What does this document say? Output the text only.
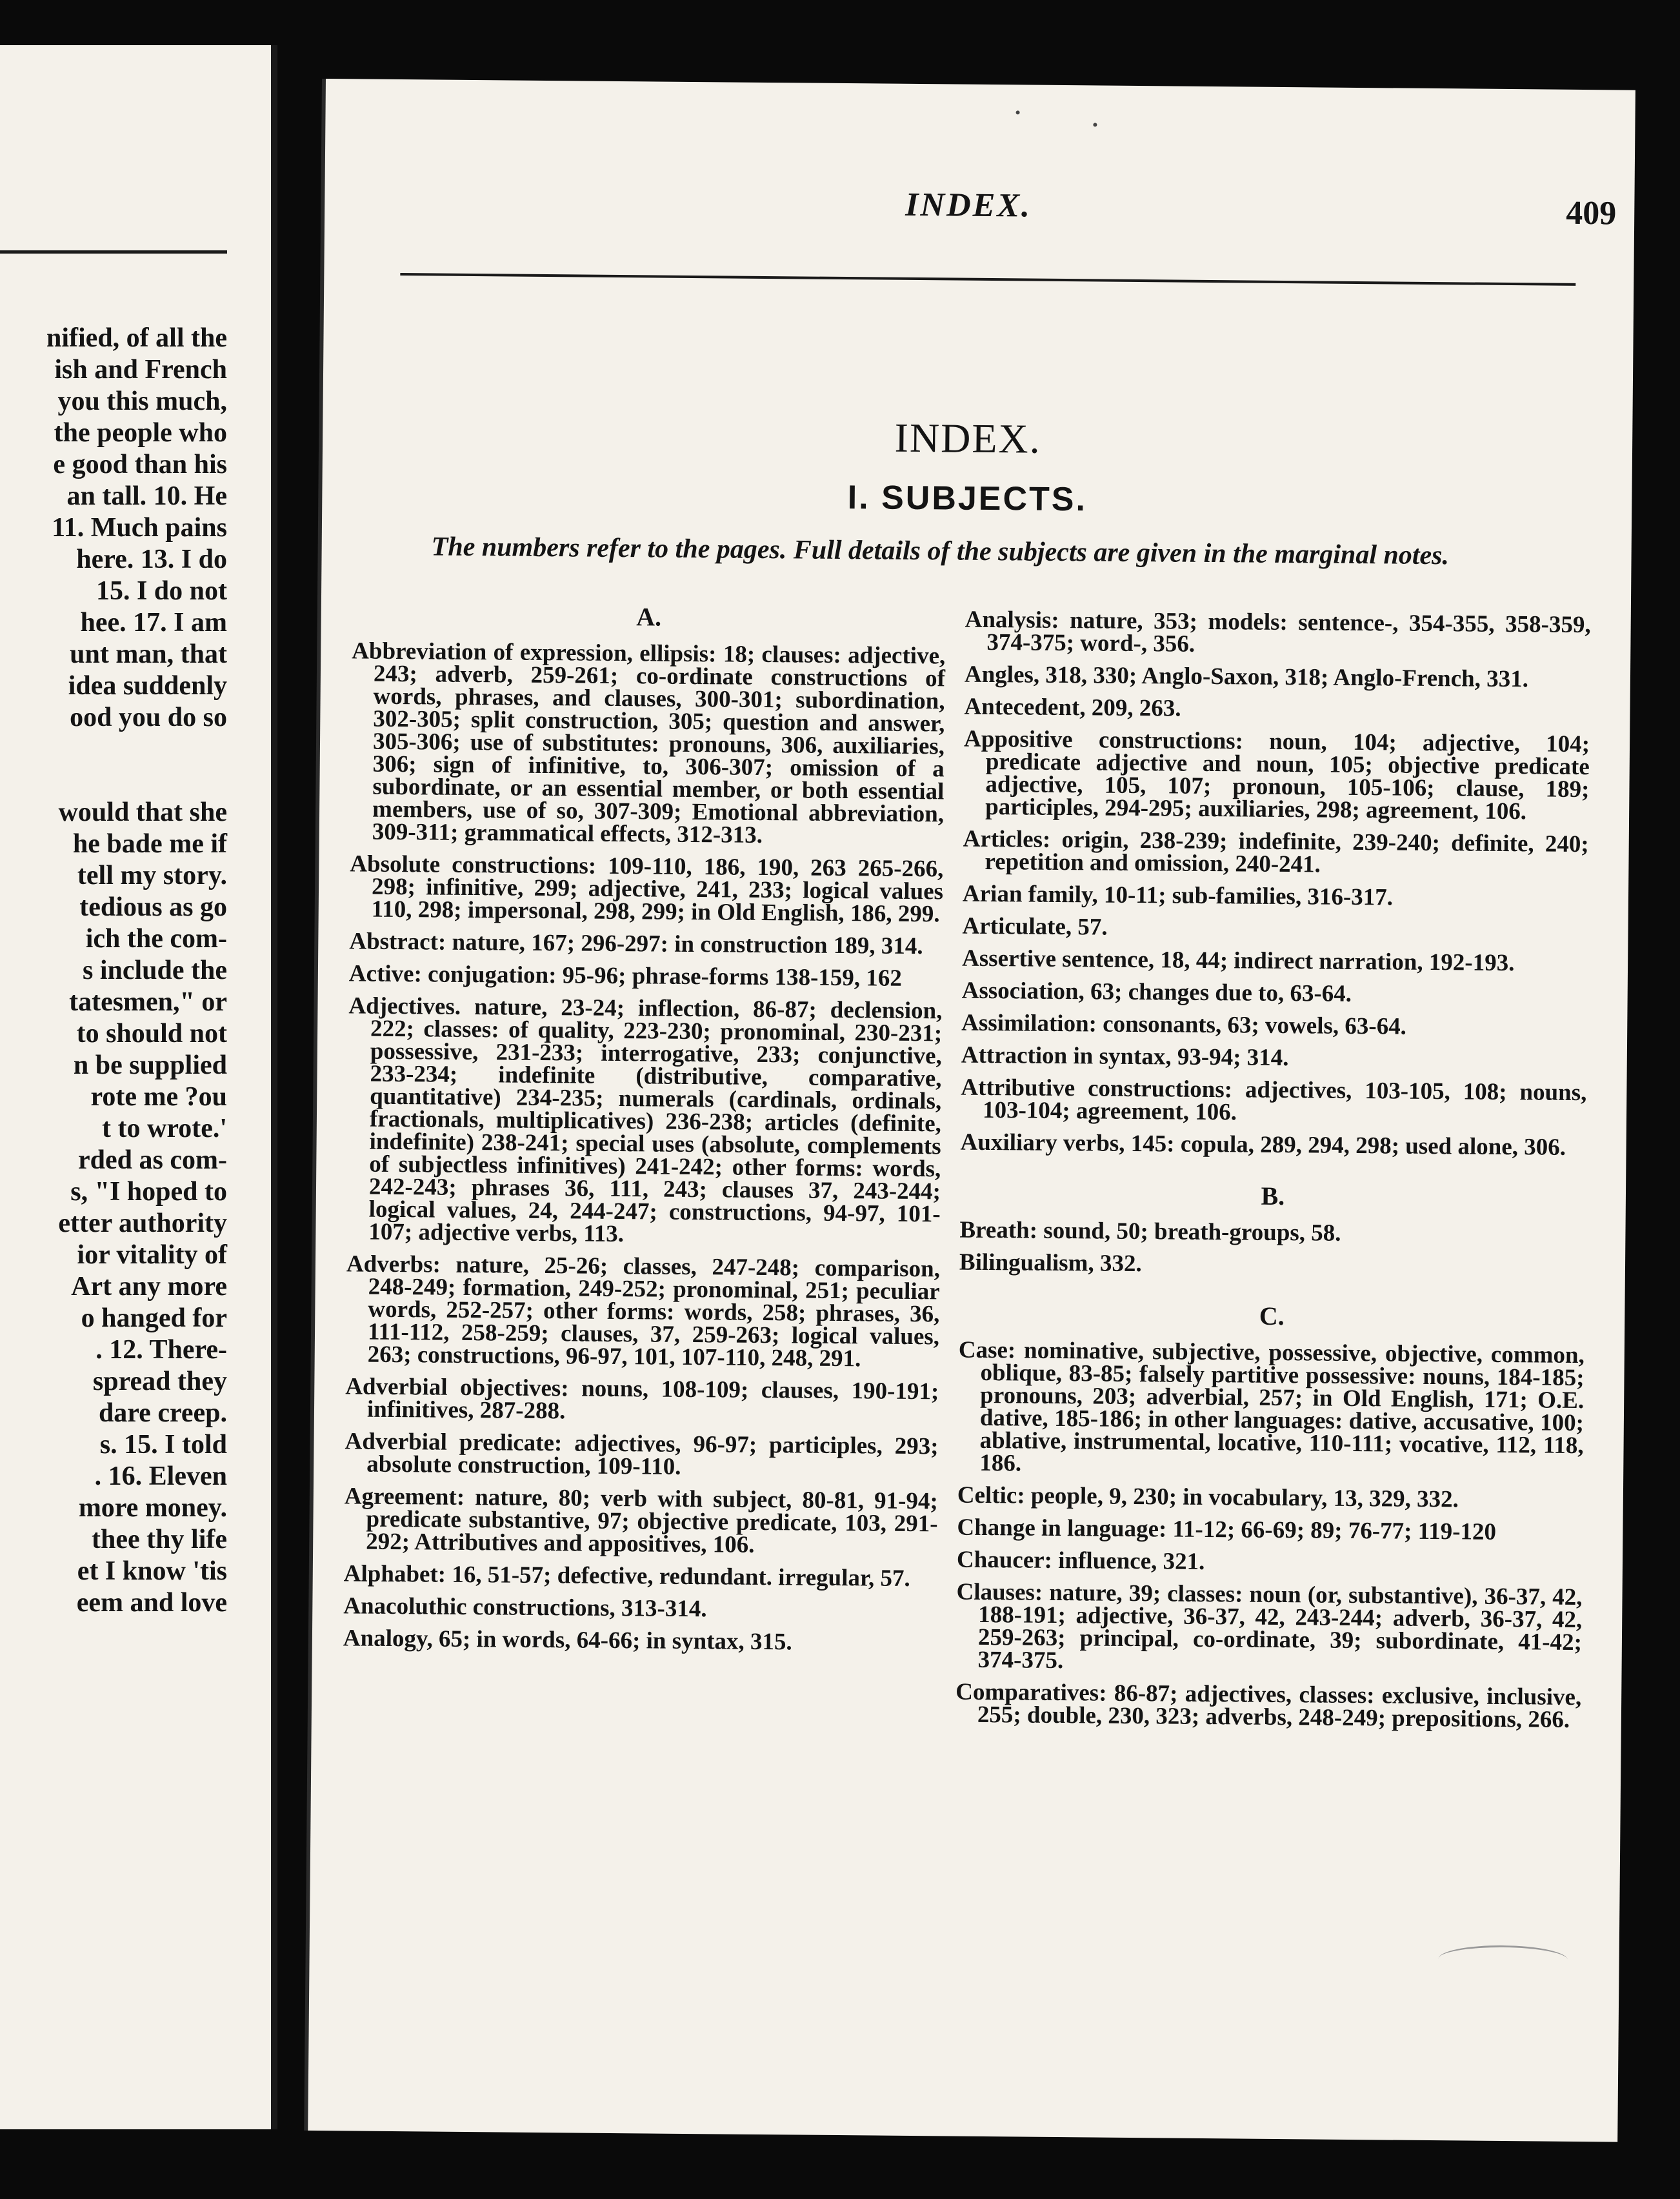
nified, of all the
ish and French
you this much,
the people who
e good than his
an tall. 10. He
11. Much pains
here. 13. I do
15. I do not
hee. 17. I am
unt man, that
idea suddenly
ood you do so
would that she
he bade me if
tell my story.
tedious as go
ich the com-
s include the
tatesmen," or
to should not
n be supplied
rote me ?ou
t to wrote.'
rded as com-
s, "I hoped to
etter authority
ior vitality of
Art any more
o hanged for
. 12. There-
spread they
dare creep.
s. 15. I told
. 16. Eleven
more money.
thee thy life
et I know 'tis
eem and love
INDEX.	409
INDEX.
I. SUBJECTS.
The numbers refer to the pages. Full details of the subjects are given in the marginal notes.
A.
Abbreviation of expression, ellipsis: 18; clauses: adjective, 243; adverb, 259-261; co-ordinate constructions of words, phrases, and clauses, 300-301; subordination, 302-305; split construction, 305; question and answer, 305-306; use of substitutes: pronouns, 306, auxiliaries, 306; sign of infinitive, to, 306-307; omission of a subordinate, or an essential member, or both essential members, use of so, 307-309; Emotional abbreviation, 309-311; grammatical effects, 312-313.
Absolute constructions: 109-110, 186, 190, 263 265-266, 298; infinitive, 299; adjective, 241, 233; logical values 110, 298; impersonal, 298, 299; in Old English, 186, 299.
Abstract: nature, 167; 296-297: in construction 189, 314.
Active: conjugation: 95-96; phrase-forms 138-159, 162
Adjectives. nature, 23-24; inflection, 86-87; declension, 222; classes: of quality, 223-230; pronominal, 230-231; possessive, 231-233; interrogative, 233; conjunctive, 233-234; indefinite (distributive, comparative, quantitative) 234-235; numerals (cardinals, ordinals, fractionals, multiplicatives) 236-238; articles (definite, indefinite) 238-241; special uses (absolute, complements of subjectless infinitives) 241-242; other forms: words, 242-243; phrases 36, 111, 243; clauses 37, 243-244; logical values, 24, 244-247; constructions, 94-97, 101-107; adjective verbs, 113.
Adverbs: nature, 25-26; classes, 247-248; comparison, 248-249; formation, 249-252; pronominal, 251; peculiar words, 252-257; other forms: words, 258; phrases, 36, 111-112, 258-259; clauses, 37, 259-263; logical values, 263; constructions, 96-97, 101, 107-110, 248, 291.
Adverbial objectives: nouns, 108-109; clauses, 190-191; infinitives, 287-288.
Adverbial predicate: adjectives, 96-97; participles, 293; absolute construction, 109-110.
Agreement: nature, 80; verb with subject, 80-81, 91-94; predicate substantive, 97; objective predicate, 103, 291-292; Attributives and appositives, 106.
Alphabet: 16, 51-57; defective, redundant. irregular, 57.
Anacoluthic constructions, 313-314.
Analogy, 65; in words, 64-66; in syntax, 315.
Analysis: nature, 353; models: sentence-, 354-355, 358-359, 374-375; word-, 356.
Angles, 318, 330; Anglo-Saxon, 318; Anglo-French, 331.
Antecedent, 209, 263.
Appositive constructions: noun, 104; adjective, 104; predicate adjective and noun, 105; objective predicate adjective, 105, 107; pronoun, 105-106; clause, 189; participles, 294-295; auxiliaries, 298; agreement, 106.
Articles: origin, 238-239; indefinite, 239-240; definite, 240; repetition and omission, 240-241.
Arian family, 10-11; sub-families, 316-317.
Articulate, 57.
Assertive sentence, 18, 44; indirect narration, 192-193.
Association, 63; changes due to, 63-64.
Assimilation: consonants, 63; vowels, 63-64.
Attraction in syntax, 93-94; 314.
Attributive constructions: adjectives, 103-105, 108; nouns, 103-104; agreement, 106.
Auxiliary verbs, 145: copula, 289, 294, 298; used alone, 306.
B.
Breath: sound, 50; breath-groups, 58.
Bilingualism, 332.
C.
Case: nominative, subjective, possessive, objective, common, oblique, 83-85; falsely partitive possessive: nouns, 184-185; pronouns, 203; adverbial, 257; in Old English, 171; O.E. dative, 185-186; in other languages: dative, accusative, 100; ablative, instrumental, locative, 110-111; vocative, 112, 118, 186.
Celtic: people, 9, 230; in vocabulary, 13, 329, 332.
Change in language: 11-12; 66-69; 89; 76-77; 119-120
Chaucer: influence, 321.
Clauses: nature, 39; classes: noun (or, substantive), 36-37, 42, 188-191; adjective, 36-37, 42, 243-244; adverb, 36-37, 42, 259-263; principal, co-ordinate, 39; subordinate, 41-42; 374-375.
Comparatives: 86-87; adjectives, classes: exclusive, inclusive, 255; double, 230, 323; adverbs, 248-249; prepositions, 266.
